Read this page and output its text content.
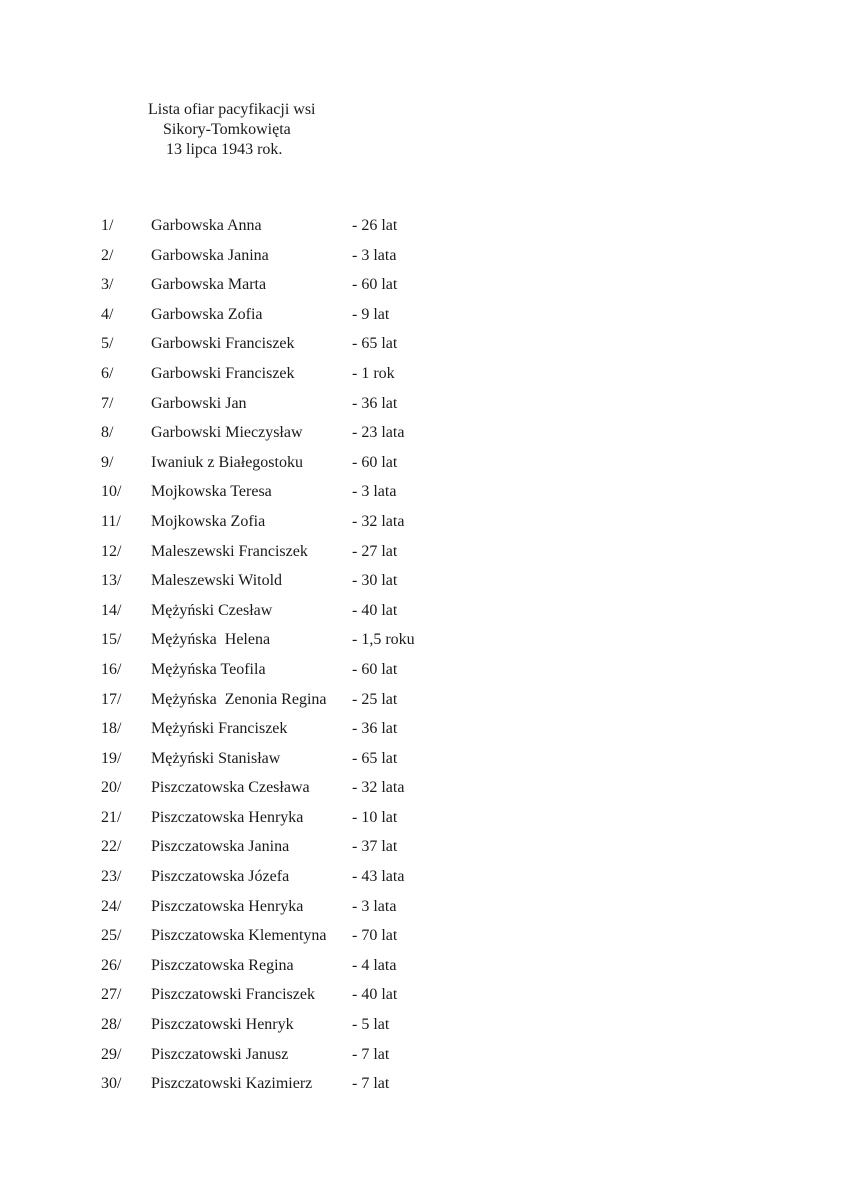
Lista ofiar pacyfikacji wsi
Sikory-Tomkowięta
13 lipca 1943 rok.
1/ Garbowska Anna	- 26 lat
2/ Garbowska Janina	- 3 lata
3/ Garbowska Marta	- 60 lat
4/ Garbowska Zofia	- 9 lat
5/ Garbowski Franciszek	- 65 lat
6/ Garbowski Franciszek	- 1 rok
7/ Garbowski Jan	- 36 lat
8/ Garbowski Mieczysław	- 23 lata
9/ Iwaniuk z Białegostoku	- 60 lat
10/ Mojkowska Teresa	- 3 lata
11/ Mojkowska Zofia	- 32 lata
12/ Maleszewski Franciszek	- 27 lat
13/ Maleszewski Witold	- 30 lat
14/ Mężyński Czesław	- 40 lat
15/ Mężyńska  Helena	- 1,5 roku
16/ Mężyńska Teofila	- 60 lat
17/ Mężyńska  Zenonia Regina - 25 lat
18/ Mężyński Franciszek	- 36 lat
19/ Mężyński Stanisław	- 65 lat
20/ Piszczatowska Czesława	- 32 lata
21/ Piszczatowska Henryka	- 10 lat
22/ Piszczatowska Janina	- 37 lat
23/ Piszczatowska Józefa	- 43 lata
24/ Piszczatowska Henryka	- 3 lata
25/ Piszczatowska Klementyna - 70 lat
26/ Piszczatowska Regina	- 4 lata
27/ Piszczatowski Franciszek - 40 lat
28/ Piszczatowski Henryk	- 5 lat
29/ Piszczatowski Janusz	- 7 lat
30/ Piszczatowski Kazimierz - 7 lat
